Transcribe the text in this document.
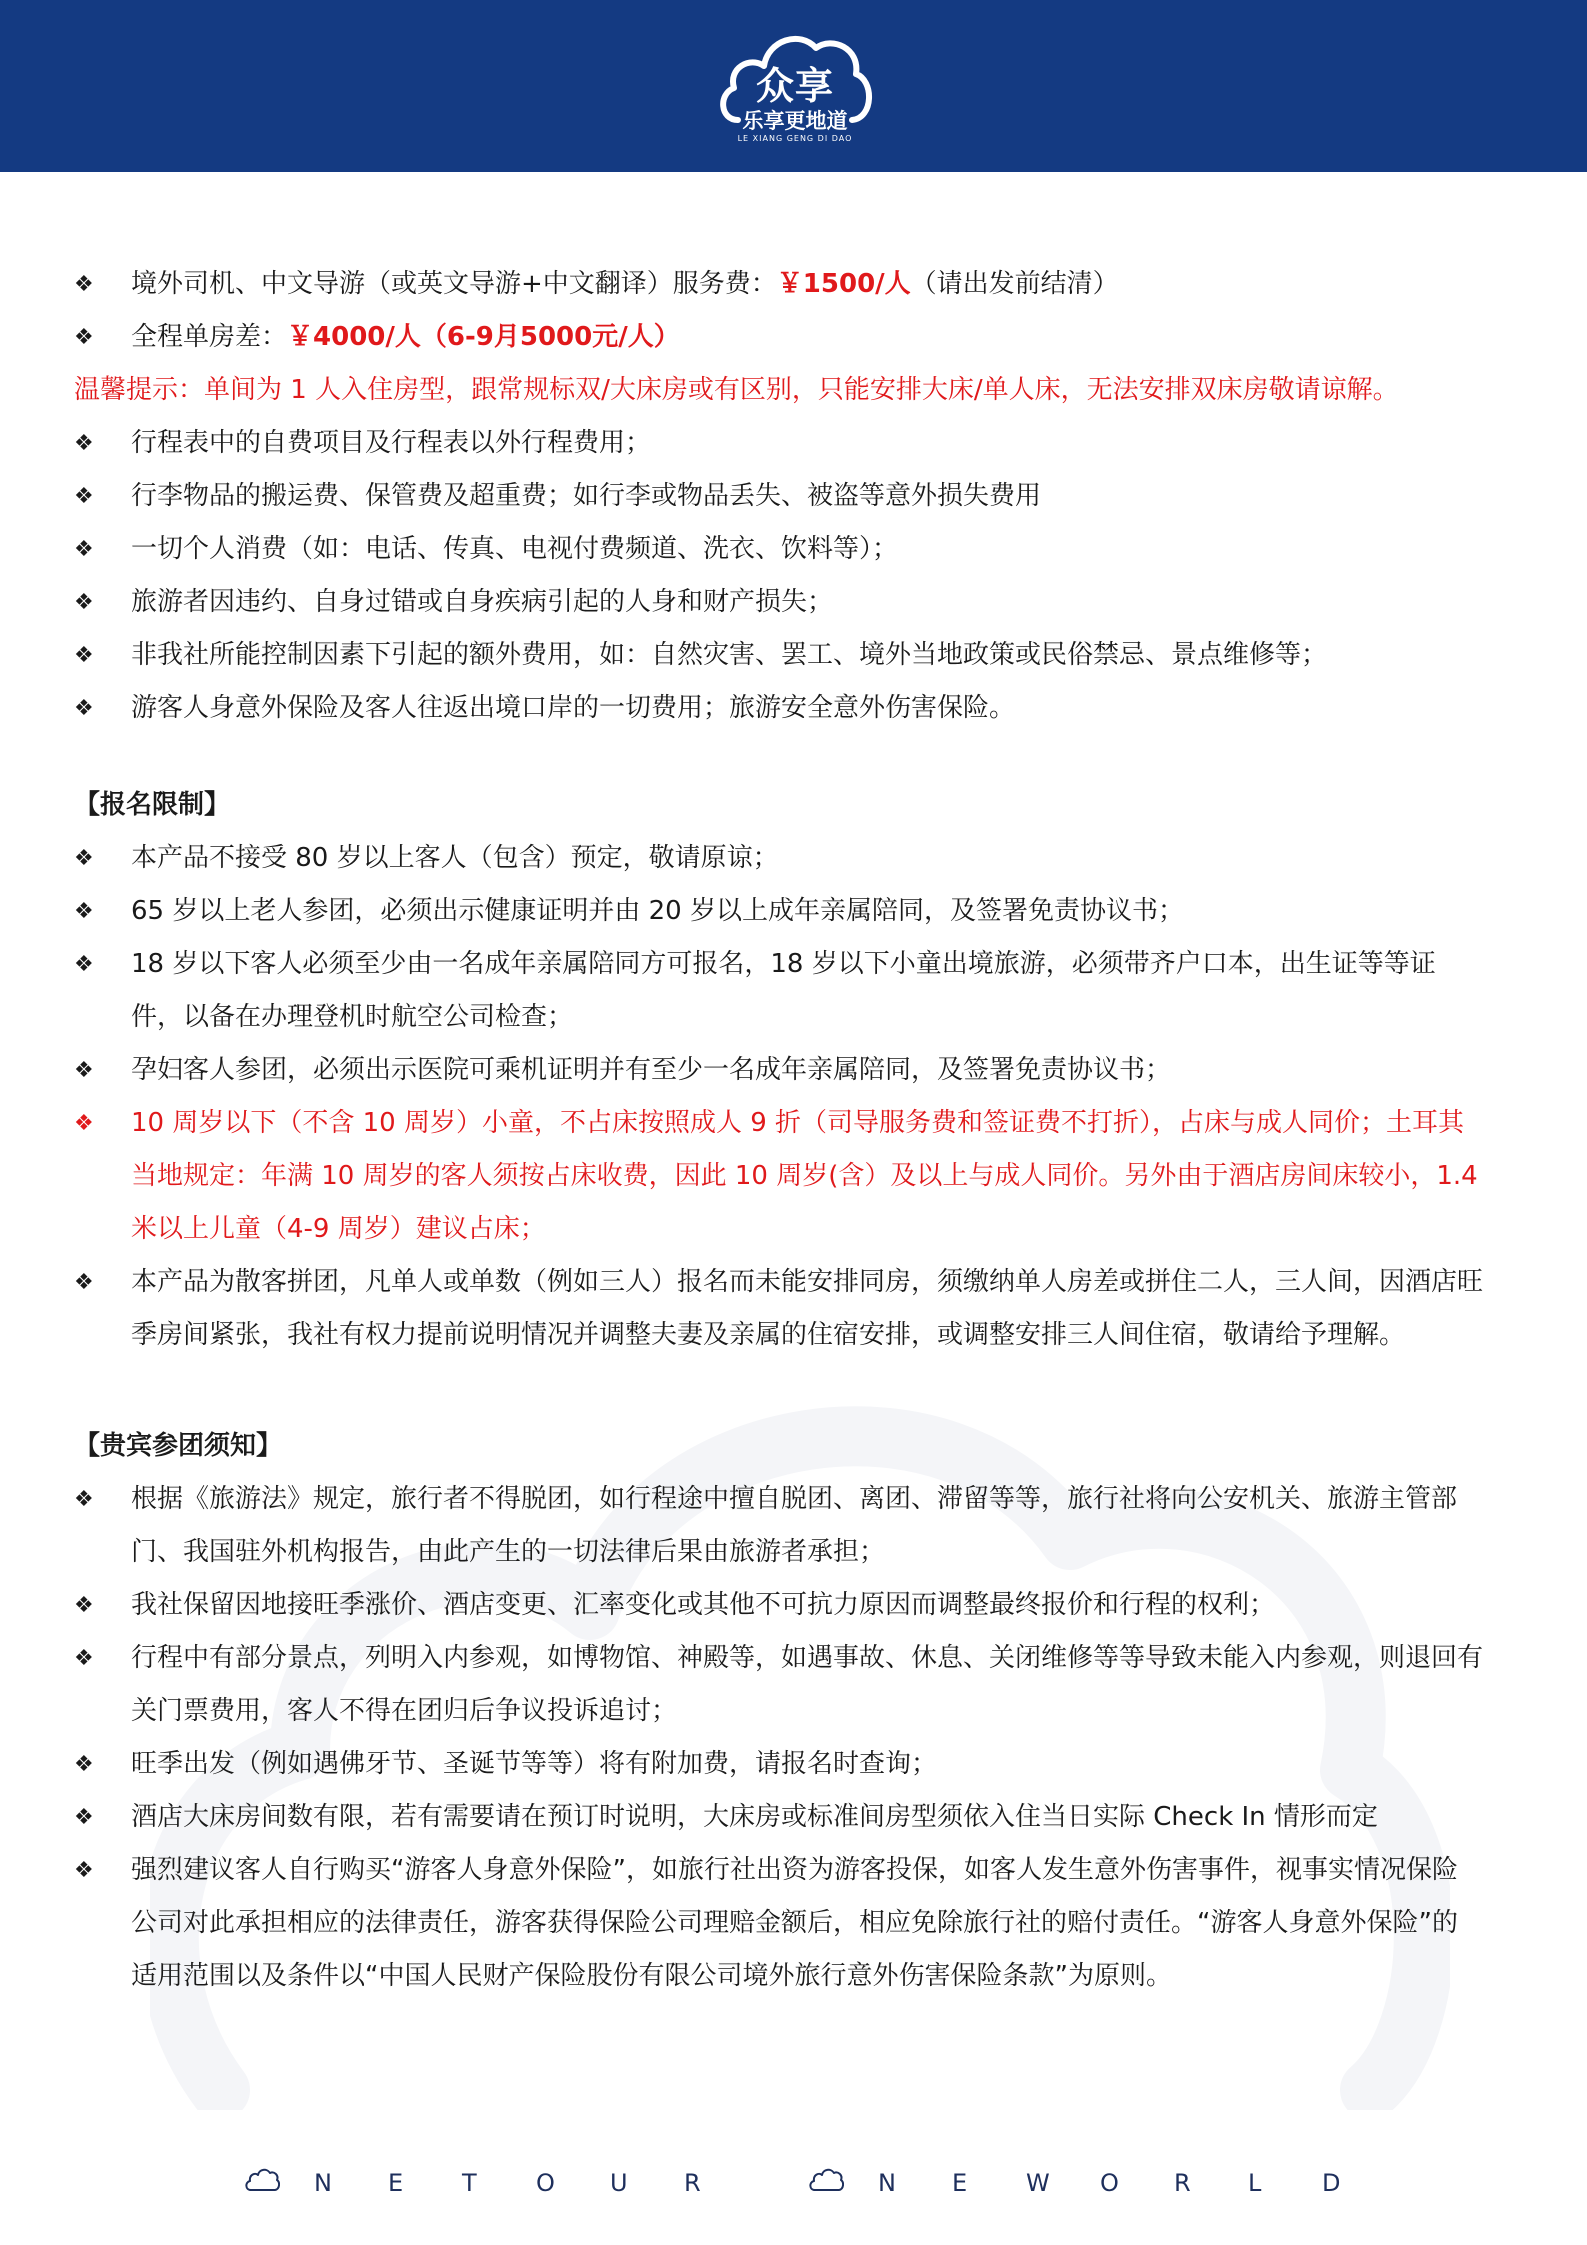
众享
乐享更地道
LE XIANG GENG DI DAO
❖	境外司机、中文导游（或英文导游+中文翻译）服务费：￥1500/人（请出发前结清）
❖	全程单房差：￥4000/人（6-9月5000元/人）
温馨提示：单间为 1 人入住房型，跟常规标双/大床房或有区别，只能安排大床/单人床，无法安排双床房敬请谅解。
❖	行程表中的自费项目及行程表以外行程费用；
❖	行李物品的搬运费、保管费及超重费；如行李或物品丢失、被盗等意外损失费用
❖	一切个人消费（如：电话、传真、电视付费频道、洗衣、饮料等）；
❖	旅游者因违约、自身过错或自身疾病引起的人身和财产损失；
❖	非我社所能控制因素下引起的额外费用，如：自然灾害、罢工、境外当地政策或民俗禁忌、景点维修等；
❖	游客人身意外保险及客人往返出境口岸的一切费用；旅游安全意外伤害保险。
【报名限制】
❖	本产品不接受 80 岁以上客人（包含）预定，敬请原谅；
❖	65 岁以上老人参团，必须出示健康证明并由 20 岁以上成年亲属陪同，及签署免责协议书；
❖	18 岁以下客人必须至少由一名成年亲属陪同方可报名，18 岁以下小童出境旅游，必须带齐户口本，出生证等等证件，以备在办理登机时航空公司检查；
❖	孕妇客人参团，必须出示医院可乘机证明并有至少一名成年亲属陪同，及签署免责协议书；
❖	10 周岁以下（不含 10 周岁）小童，不占床按照成人 9 折（司导服务费和签证费不打折），占床与成人同价；土耳其当地规定：年满 10 周岁的客人须按占床收费，因此 10 周岁(含）及以上与成人同价。另外由于酒店房间床较小，1.4 米以上儿童（4-9 周岁）建议占床；
❖	本产品为散客拼团，凡单人或单数（例如三人）报名而未能安排同房，须缴纳单人房差或拼住二人，三人间，因酒店旺季房间紧张，我社有权力提前说明情况并调整夫妻及亲属的住宿安排，或调整安排三人间住宿，敬请给予理解。
【贵宾参团须知】
❖	根据《旅游法》规定，旅行者不得脱团，如行程途中擅自脱团、离团、滞留等等，旅行社将向公安机关、旅游主管部门、我国驻外机构报告，由此产生的一切法律后果由旅游者承担；
❖	我社保留因地接旺季涨价、酒店变更、汇率变化或其他不可抗力原因而调整最终报价和行程的权利；
❖	行程中有部分景点，列明入内参观，如博物馆、神殿等，如遇事故、休息、关闭维修等等导致未能入内参观，则退回有关门票费用，客人不得在团归后争议投诉追讨；
❖	旺季出发（例如遇佛牙节、圣诞节等等）将有附加费，请报名时查询；
❖	酒店大床房间数有限，若有需要请在预订时说明，大床房或标准间房型须依入住当日实际 Check In 情形而定
❖	强烈建议客人自行购买“游客人身意外保险”，如旅行社出资为游客投保，如客人发生意外伤害事件，视事实情况保险公司对此承担相应的法律责任，游客获得保险公司理赔金额后，相应免除旅行社的赔付责任。“游客人身意外保险”的适用范围以及条件以“中国人民财产保险股份有限公司境外旅行意外伤害保险条款”为原则。
N E T O U R	N E W O R L	D
